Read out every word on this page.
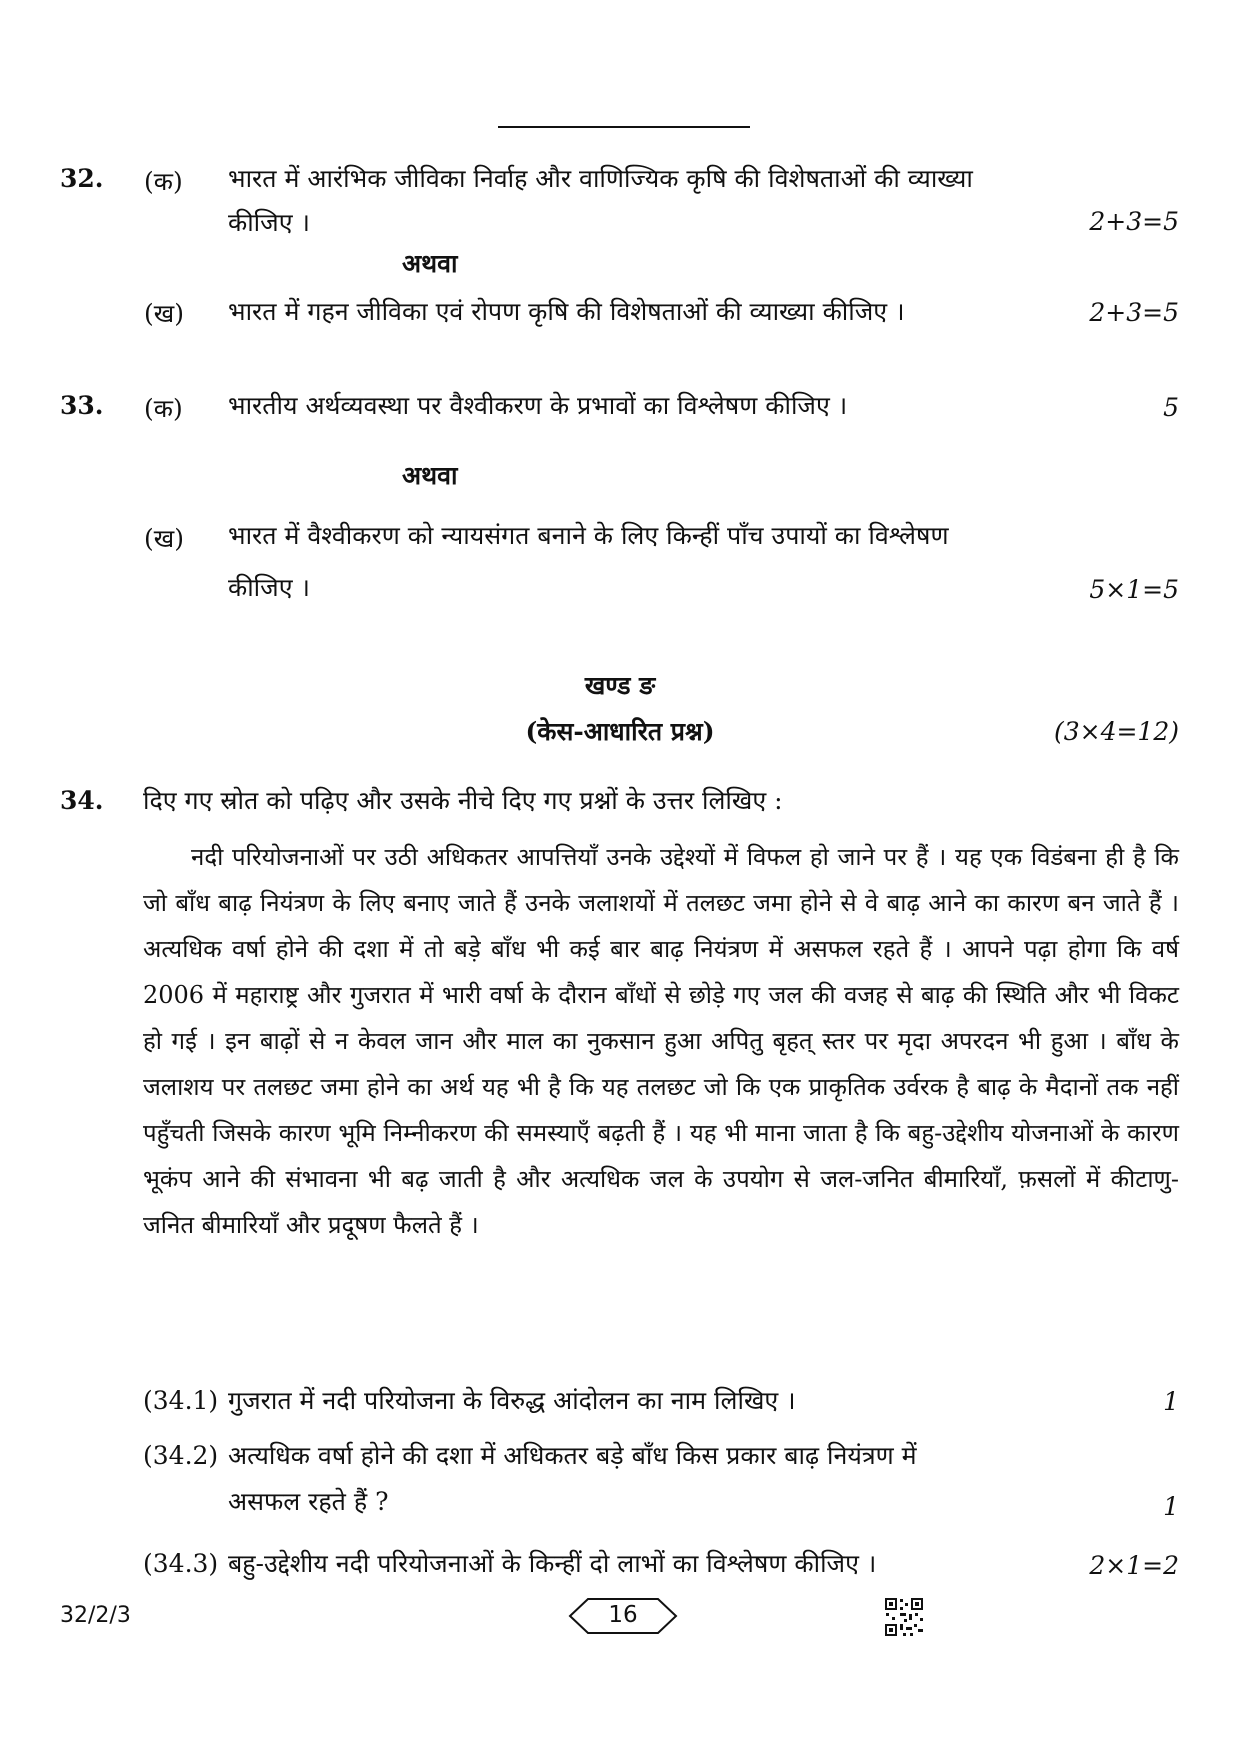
32. (क) भारत में आरंभिक जीविका निर्वाह और वाणिज्यिक कृषि की विशेषताओं की व्याख्या
कीजिए ।	2+3=5
अथवा
(ख) भारत में गहन जीविका एवं रोपण कृषि की विशेषताओं की व्याख्या कीजिए ।	2+3=5
33. (क) भारतीय अर्थव्यवस्था पर वैश्वीकरण के प्रभावों का विश्लेषण कीजिए ।	5
अथवा
(ख) भारत में वैश्वीकरण को न्यायसंगत बनाने के लिए किन्हीं पाँच उपायों का विश्लेषण
कीजिए ।	5×1=5
खण्ड ङ
(केस-आधारित प्रश्न)	(3×4=12)
34. दिए गए स्रोत को पढ़िए और उसके नीचे दिए गए प्रश्नों के उत्तर लिखिए :

नदी परियोजनाओं पर उठी अधिकतर आपत्तियाँ उनके उद्देश्यों में विफल हो जाने पर हैं । यह एक विडंबना ही है कि जो बाँध बाढ़ नियंत्रण के लिए बनाए जाते हैं उनके जलाशयों में तलछट जमा होने से वे बाढ़ आने का कारण बन जाते हैं । अत्यधिक वर्षा होने की दशा में तो बड़े बाँध भी कई बार बाढ़ नियंत्रण में असफल रहते हैं । आपने पढ़ा होगा कि वर्ष 2006 में महाराष्ट्र और गुजरात में भारी वर्षा के दौरान बाँधों से छोड़े गए जल की वजह से बाढ़ की स्थिति और भी विकट हो गई । इन बाढ़ों से न केवल जान और माल का नुकसान हुआ अपितु बृहत् स्तर पर मृदा अपरदन भी हुआ । बाँध के जलाशय पर तलछट जमा होने का अर्थ यह भी है कि यह तलछट जो कि एक प्राकृतिक उर्वरक है बाढ़ के मैदानों तक नहीं पहुँचती जिसके कारण भूमि निम्नीकरण की समस्याएँ बढ़ती हैं । यह भी माना जाता है कि बहु-उद्देशीय योजनाओं के कारण भूकंप आने की संभावना भी बढ़ जाती है और अत्यधिक जल के उपयोग से जल-जनित बीमारियाँ, फ़सलों में कीटाणु-जनित बीमारियाँ और प्रदूषण फैलते हैं ।

(34.1) गुजरात में नदी परियोजना के विरुद्ध आंदोलन का नाम लिखिए ।	1
(34.2) अत्यधिक वर्षा होने की दशा में अधिकतर बड़े बाँध किस प्रकार बाढ़ नियंत्रण में
असफल रहते हैं ?	1
(34.3) बहु-उद्देशीय नदी परियोजनाओं के किन्हीं दो लाभों का विश्लेषण कीजिए ।	2×1=2
32/2/3	16
